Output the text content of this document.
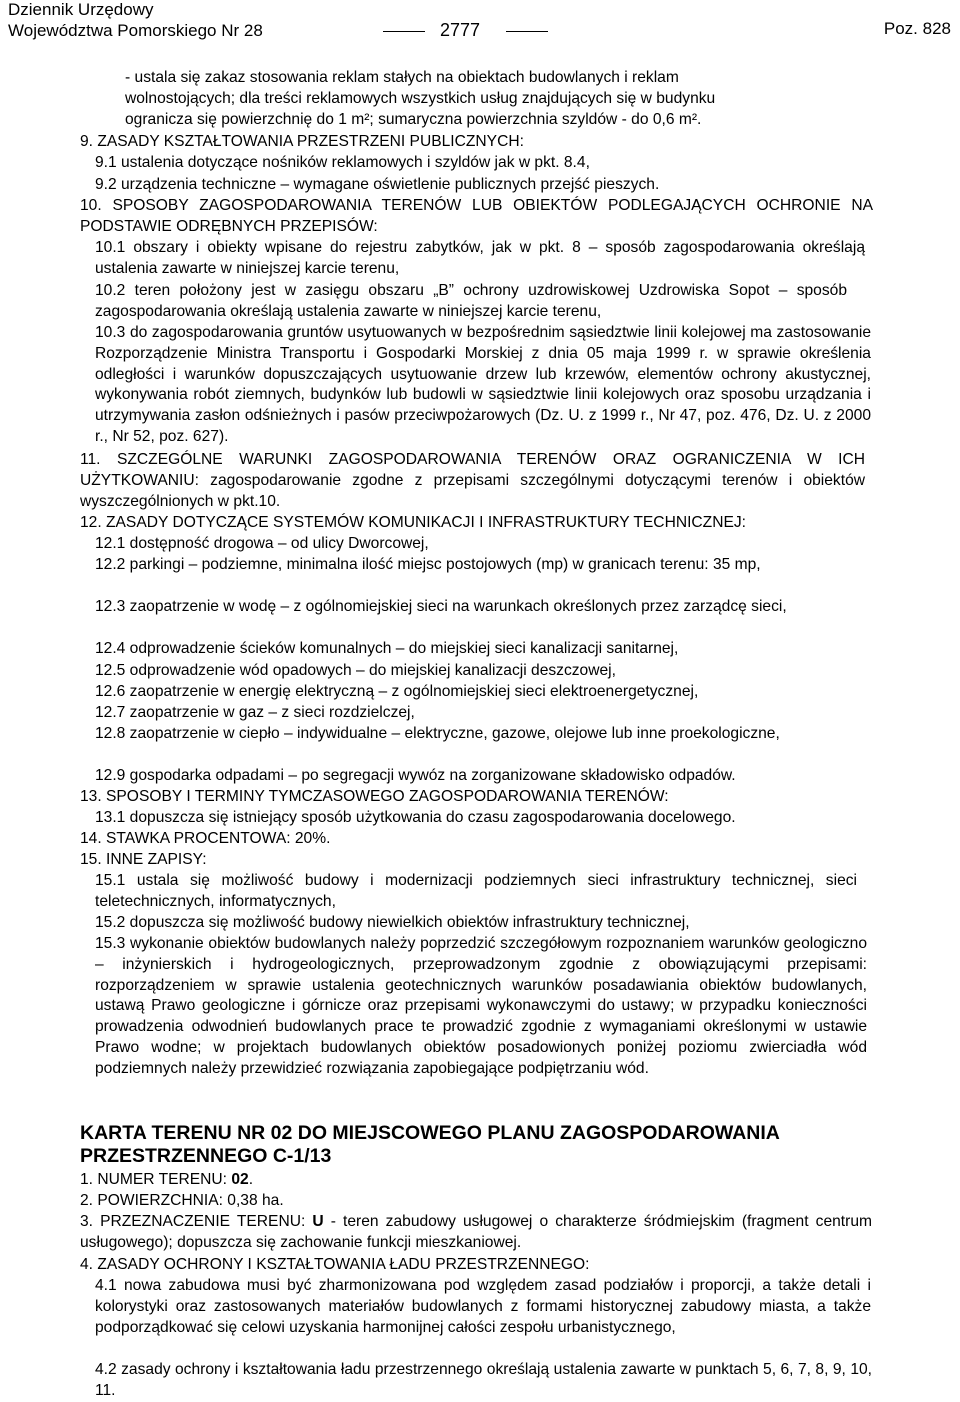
Dziennik Urzędowy
Województwa Pomorskiego Nr 28	2777	Poz. 828
- ustala się zakaz stosowania reklam stałych na obiektach budowlanych i reklam
wolnostojących; dla treści reklamowych wszystkich usług znajdujących się w budynku
ogranicza się powierzchnię do 1 m²; sumaryczna powierzchnia szyldów - do 0,6 m².
9. ZASADY KSZTAŁTOWANIA PRZESTRZENI PUBLICZNYCH:
9.1 ustalenia dotyczące nośników reklamowych i szyldów jak w pkt. 8.4,
9.2 urządzenia techniczne – wymagane oświetlenie publicznych przejść pieszych.
10. SPOSOBY ZAGOSPODAROWANIA TERENÓW LUB OBIEKTÓW PODLEGAJĄCYCH OCHRONIE NA PODSTAWIE ODRĘBNYCH PRZEPISÓW:
10.1 obszary i obiekty wpisane do rejestru zabytków, jak w pkt. 8 – sposób zagospodarowania określają ustalenia zawarte w niniejszej karcie terenu,
10.2 teren położony jest w zasięgu obszaru „B” ochrony uzdrowiskowej Uzdrowiska Sopot – sposób zagospodarowania określają ustalenia zawarte w niniejszej karcie terenu,
10.3 do zagospodarowania gruntów usytuowanych w bezpośrednim sąsiedztwie linii kolejowej ma zastosowanie Rozporządzenie Ministra Transportu i Gospodarki Morskiej z dnia 05 maja 1999 r. w sprawie określenia odległości i warunków dopuszczających usytuowanie drzew lub krzewów, elementów ochrony akustycznej, wykonywania robót ziemnych, budynków lub budowli w sąsiedztwie linii kolejowych oraz sposobu urządzania i utrzymywania zasłon odśnieżnych i pasów przeciwpożarowych (Dz. U. z 1999 r., Nr 47, poz. 476, Dz. U. z 2000 r., Nr 52, poz. 627).
11. SZCZEGÓLNE WARUNKI ZAGOSPODAROWANIA TERENÓW ORAZ OGRANICZENIA W ICH UŻYTKOWANIU: zagospodarowanie zgodne z przepisami szczególnymi dotyczącymi terenów i obiektów wyszczególnionych w pkt.10.
12. ZASADY DOTYCZĄCE SYSTEMÓW KOMUNIKACJI I INFRASTRUKTURY TECHNICZNEJ:
12.1 dostępność drogowa – od ulicy Dworcowej,
12.2 parkingi – podziemne, minimalna ilość miejsc postojowych (mp) w granicach terenu: 35 mp,
12.3 zaopatrzenie w wodę – z ogólnomiejskiej sieci na warunkach określonych przez zarządcę sieci,
12.4 odprowadzenie ścieków komunalnych – do miejskiej sieci kanalizacji sanitarnej,
12.5 odprowadzenie wód opadowych – do miejskiej kanalizacji deszczowej,
12.6 zaopatrzenie w energię elektryczną – z ogólnomiejskiej sieci elektroenergetycznej,
12.7 zaopatrzenie w gaz – z sieci rozdzielczej,
12.8 zaopatrzenie w ciepło – indywidualne – elektryczne, gazowe, olejowe lub inne proekologiczne,
12.9 gospodarka odpadami – po segregacji wywóz na zorganizowane składowisko odpadów.
13. SPOSOBY I TERMINY TYMCZASOWEGO ZAGOSPODAROWANIA TERENÓW:
13.1 dopuszcza się istniejący sposób użytkowania do czasu zagospodarowania docelowego.
14. STAWKA PROCENTOWA: 20%.
15. INNE ZAPISY:
15.1 ustala się możliwość budowy i modernizacji podziemnych sieci infrastruktury technicznej, sieci teletechnicznych, informatycznych,
15.2 dopuszcza się możliwość budowy niewielkich obiektów infrastruktury technicznej,
15.3 wykonanie obiektów budowlanych należy poprzedzić szczegółowym rozpoznaniem warunków geologiczno – inżynierskich i hydrogeologicznych, przeprowadzonym zgodnie z obowiązującymi przepisami: rozporządzeniem w sprawie ustalenia geotechnicznych warunków posadawiania obiektów budowlanych, ustawą Prawo geologiczne i górnicze oraz przepisami wykonawczymi do ustawy; w przypadku konieczności prowadzenia odwodnień budowlanych prace te prowadzić zgodnie z wymaganiami określonymi w ustawie Prawo wodne; w projektach budowlanych obiektów posadowionych poniżej poziomu zwierciadła wód podziemnych należy przewidzieć rozwiązania zapobiegające podpiętrzaniu wód.
KARTA TERENU NR 02 DO MIEJSCOWEGO PLANU ZAGOSPODAROWANIA
PRZESTRZENNEGO C-1/13
1. NUMER TERENU: 02.
2. POWIERZCHNIA: 0,38 ha.
3. PRZEZNACZENIE TERENU: U - teren zabudowy usługowej o charakterze śródmiejskim (fragment centrum usługowego); dopuszcza się zachowanie funkcji mieszkaniowej.
4. ZASADY OCHRONY I KSZTAŁTOWANIA ŁADU PRZESTRZENNEGO:
4.1 nowa zabudowa musi być zharmonizowana pod względem zasad podziałów i proporcji, a także detali i kolorystyki oraz zastosowanych materiałów budowlanych z formami historycznej zabudowy miasta, a także podporządkować się celowi uzyskania harmonijnej całości zespołu urbanistycznego,
4.2 zasady ochrony i kształtowania ładu przestrzennego określają ustalenia zawarte w punktach 5, 6, 7, 8, 9, 10, 11.
